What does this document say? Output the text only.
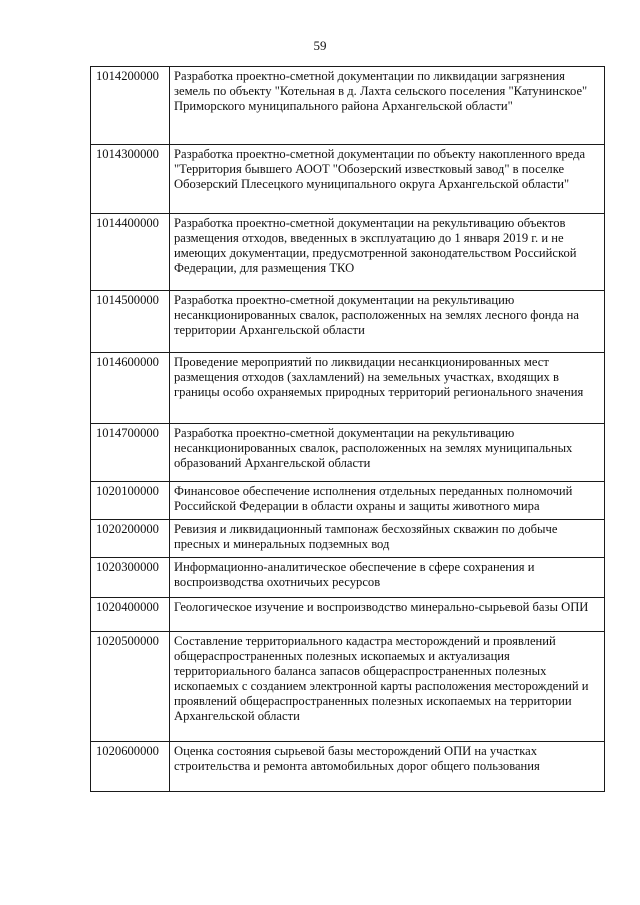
59
1014200000	Разработка проектно-сметной документации по ликвидации загрязнения земель по объекту "Котельная в д. Лахта сельского поселения "Катунинское" Приморского муниципального района Архангельской области"
1014300000	Разработка проектно-сметной документации по объекту накопленного вреда "Территория бывшего АООТ "Обозерский известковый завод" в поселке Обозерский Плесецкого муниципального округа Архангельской области"
1014400000	Разработка проектно-сметной документации на рекультивацию объектов размещения отходов, введенных в эксплуатацию до 1 января 2019 г. и не имеющих документации, предусмотренной законодательством Российской Федерации, для размещения ТКО
1014500000	Разработка проектно-сметной документации на рекультивацию несанкционированных свалок, расположенных на землях лесного фонда на территории Архангельской области
1014600000	Проведение мероприятий по ликвидации несанкционированных мест размещения отходов (захламлений) на земельных участках, входящих в границы особо охраняемых природных территорий регионального значения
1014700000	Разработка проектно-сметной документации на рекультивацию несанкционированных свалок, расположенных на землях муниципальных образований Архангельской области
1020100000	Финансовое обеспечение исполнения отдельных переданных полномочий Российской Федерации в области охраны и защиты животного мира
1020200000	Ревизия и ликвидационный тампонаж бесхозяйных скважин по добыче пресных и минеральных подземных вод
1020300000	Информационно-аналитическое обеспечение в сфере сохранения и воспроизводства охотничьих ресурсов
1020400000	Геологическое изучение и воспроизводство минерально-сырьевой базы ОПИ
1020500000	Составление территориального кадастра месторождений и проявлений общераспространенных полезных ископаемых и актуализация территориального баланса запасов общераспространенных полезных ископаемых с созданием электронной карты расположения месторождений и проявлений общераспространенных полезных ископаемых на территории Архангельской области
1020600000	Оценка состояния сырьевой базы месторождений ОПИ на участках строительства и ремонта автомобильных дорог общего пользования
